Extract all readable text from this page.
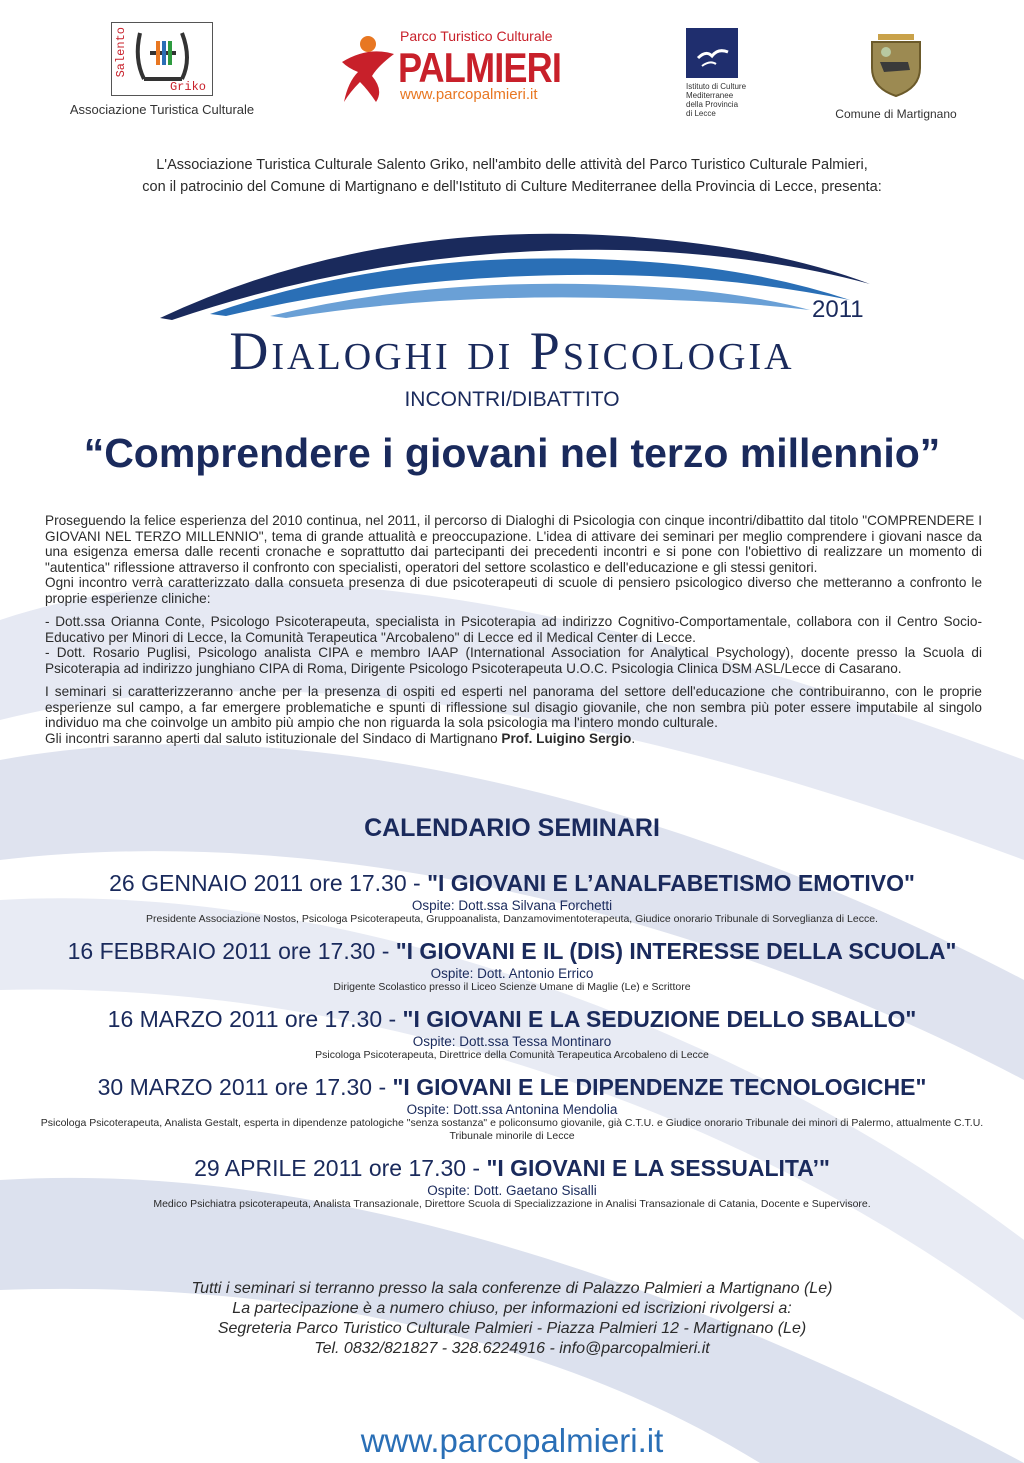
Salento
Griko
Associazione Turistica Culturale
Parco Turistico Culturale
PALMIERI
www.parcopalmieri.it	Istituto di Culture
Mediterranee
della Provincia
di Lecce	Comune di Martignano
L'Associazione Turistica Culturale Salento Griko, nell'ambito delle attività del Parco Turistico Culturale Palmieri,
con il patrocinio del Comune di Martignano e dell'Istituto di Culture Mediterranee della Provincia di Lecce, presenta:
2011
Dialoghi di Psicologia
INCONTRI/DIBATTITO
“Comprendere i giovani nel terzo millennio”

Proseguendo la felice esperienza del 2010 continua, nel 2011, il percorso di Dialoghi di Psicologia con cinque incontri/dibattito dal titolo "COMPRENDERE I GIOVANI NEL TERZO MILLENNIO", tema di grande attualità e preoccupazione. L'idea di attivare dei seminari per meglio comprendere i giovani nasce da una esigenza emersa dalle recenti cronache e soprattutto dai partecipanti dei precedenti incontri e si pone con l'obiettivo di realizzare un momento di "autentica" riflessione attraverso il confronto con specialisti, operatori del settore scolastico e dell'educazione e gli stessi genitori.

Ogni incontro verrà caratterizzato dalla consueta presenza di due psicoterapeuti di scuole di pensiero psicologico diverso che metteranno a confronto le proprie esperienze cliniche:

- Dott.ssa Orianna Conte, Psicologo Psicoterapeuta, specialista in Psicoterapia ad indirizzo Cognitivo-Comportamentale, collabora con il Centro Socio-Educativo per Minori di Lecce, la Comunità Terapeutica "Arcobaleno" di Lecce ed il Medical Center di Lecce.

- Dott. Rosario Puglisi, Psicologo analista CIPA e membro IAAP (International Association for Analytical Psychology), docente presso la Scuola di Psicoterapia ad indirizzo junghiano CIPA di Roma, Dirigente Psicologo Psicoterapeuta U.O.C. Psicologia Clinica DSM ASL/Lecce di Casarano.

I seminari si caratterizzeranno anche per la presenza di ospiti ed esperti nel panorama del settore dell'educazione che contribuiranno, con le proprie esperienze sul campo, a far emergere problematiche e spunti di riflessione sul disagio giovanile, che non sembra più poter essere imputabile al singolo individuo ma che coinvolge un ambito più ampio che non riguarda la sola psicologia ma l'intero mondo culturale.

Gli incontri saranno aperti dal saluto istituzionale del Sindaco di Martignano Prof. Luigino Sergio.

CALENDARIO SEMINARI
26 GENNAIO 2011 ore 17.30 - "I GIOVANI E L’ANALFABETISMO EMOTIVO"
Ospite: Dott.ssa Silvana Forchetti
Presidente Associazione Nostos, Psicologa Psicoterapeuta, Gruppoanalista, Danzamovimentoterapeuta, Giudice onorario Tribunale di Sorveglianza di Lecce.
16 FEBBRAIO 2011 ore 17.30 - "I GIOVANI E IL (DIS) INTERESSE DELLA SCUOLA"
Ospite: Dott. Antonio Errico
Dirigente Scolastico presso il Liceo Scienze Umane di Maglie (Le) e Scrittore
16 MARZO 2011 ore 17.30 - "I GIOVANI E LA SEDUZIONE DELLO SBALLO"
Ospite: Dott.ssa Tessa Montinaro
Psicologa Psicoterapeuta, Direttrice della Comunità Terapeutica Arcobaleno di Lecce
30 MARZO 2011 ore 17.30 - "I GIOVANI E LE DIPENDENZE TECNOLOGICHE"
Ospite: Dott.ssa Antonina Mendolia
Psicologa Psicoterapeuta, Analista Gestalt, esperta in dipendenze patologiche "senza sostanza" e policonsumo giovanile, già C.T.U. e Giudice onorario Tribunale dei minori di Palermo, attualmente C.T.U. Tribunale minorile di Lecce
29 APRILE 2011 ore 17.30 - "I GIOVANI E LA SESSUALITA’"
Ospite: Dott. Gaetano Sisalli
Medico Psichiatra psicoterapeuta, Analista Transazionale, Direttore Scuola di Specializzazione in Analisi Transazionale di Catania, Docente e Supervisore.
Tutti i seminari si terranno presso la sala conferenze di Palazzo Palmieri a Martignano (Le)
La partecipazione è a numero chiuso, per informazioni ed iscrizioni rivolgersi a:
Segreteria Parco Turistico Culturale Palmieri - Piazza Palmieri 12 - Martignano (Le)
Tel. 0832/821827 - 328.6224916 - info@parcopalmieri.it
www.parcopalmieri.it
